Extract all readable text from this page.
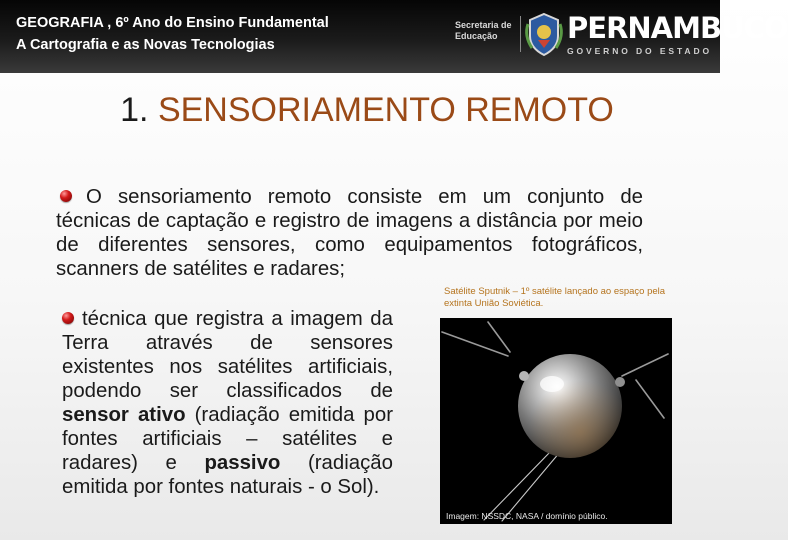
GEOGRAFIA , 6º Ano do Ensino Fundamental
A Cartografia e as Novas Tecnologias
Secretaria de
Educação	PERNAMBUCO
GOVERNO DO ESTADO
1. SENSORIAMENTO REMOTO

O sensoriamento remoto consiste em um conjunto de técnicas de captação e registro de imagens a distância por meio de diferentes sensores, como equipamentos fotográficos, scanners de satélites e radares;

técnica que registra a imagem da Terra através de sensores existentes nos satélites artificiais, podendo ser classificados de sensor ativo (radiação emitida por fontes artificiais – satélites e radares) e passivo (radiação emitida por fontes naturais - o Sol).

Satélite Sputnik – 1º satélite lançado ao espaço pela extinta União Soviética.

Imagem: NSSDC, NASA / domínio público.
